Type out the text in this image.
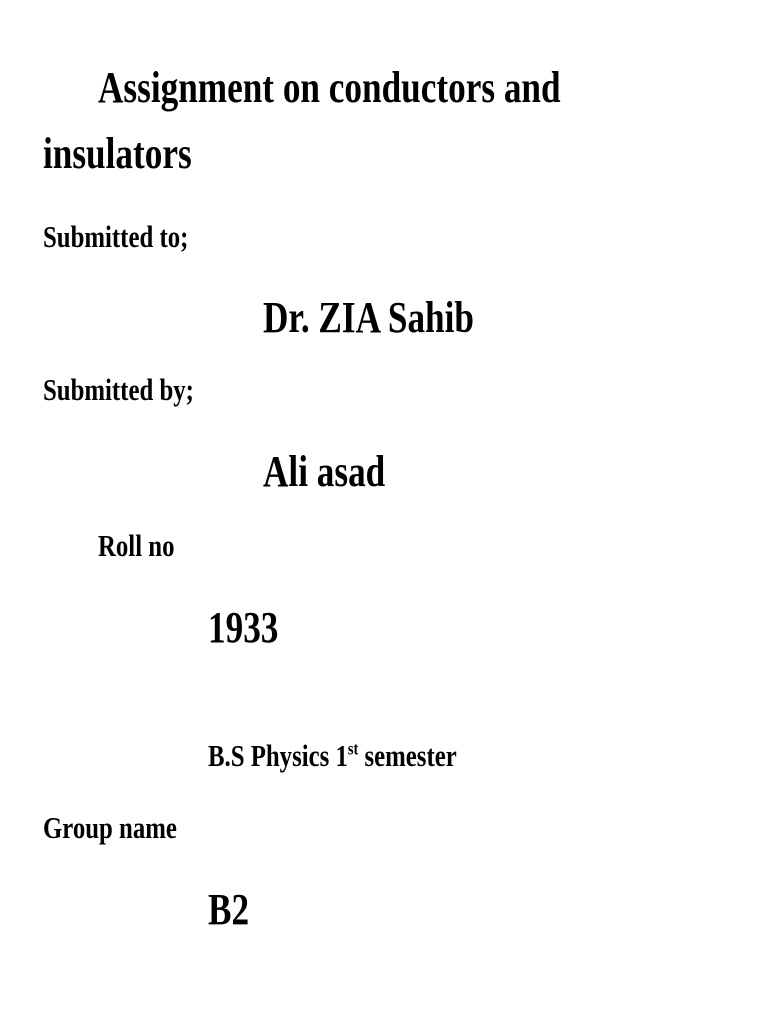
Assignment on conductors and
insulators

Submitted to;

Dr. ZIA Sahib

Submitted by;

Ali asad

Roll no

1933

B.S Physics 1st semester

Group name

B2
